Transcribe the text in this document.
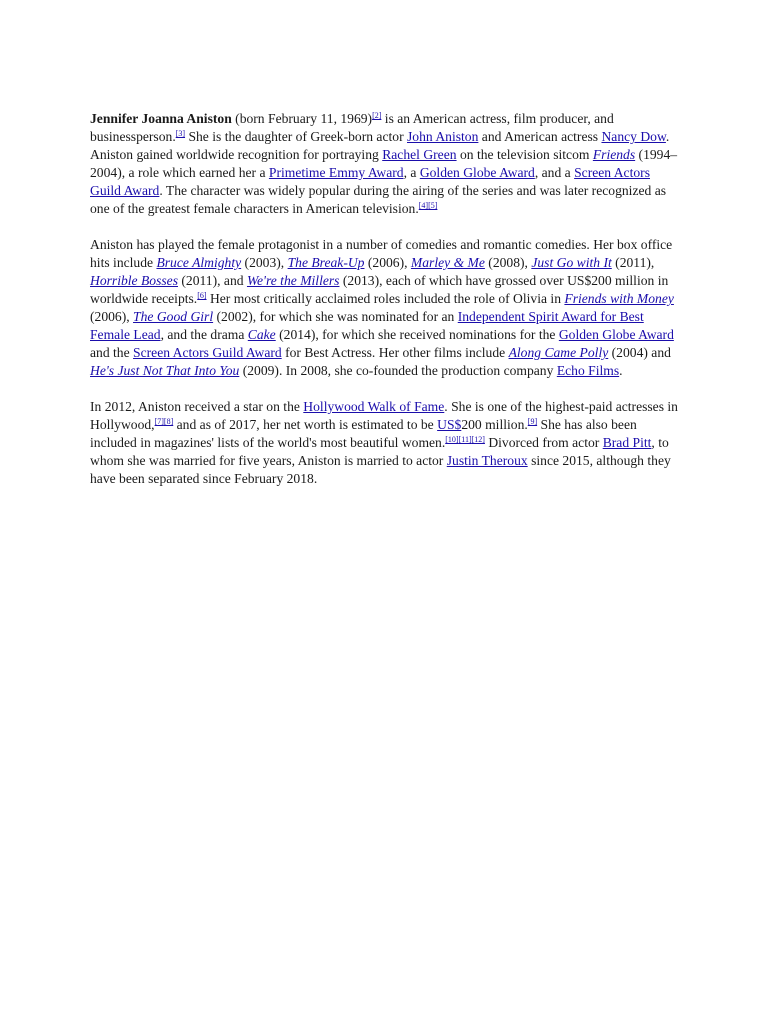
Jennifer Joanna Aniston (born February 11, 1969)[2] is an American actress, film producer, and businessperson.[3] She is the daughter of Greek-born actor John Aniston and American actress Nancy Dow. Aniston gained worldwide recognition for portraying Rachel Green on the television sitcom Friends (1994–2004), a role which earned her a Primetime Emmy Award, a Golden Globe Award, and a Screen Actors Guild Award. The character was widely popular during the airing of the series and was later recognized as one of the greatest female characters in American television.[4][5]

Aniston has played the female protagonist in a number of comedies and romantic comedies. Her box office hits include Bruce Almighty (2003), The Break-Up (2006), Marley & Me (2008), Just Go with It (2011), Horrible Bosses (2011), and We're the Millers (2013), each of which have grossed over US$200 million in worldwide receipts.[6] Her most critically acclaimed roles included the role of Olivia in Friends with Money (2006), The Good Girl (2002), for which she was nominated for an Independent Spirit Award for Best Female Lead, and the drama Cake (2014), for which she received nominations for the Golden Globe Award and the Screen Actors Guild Award for Best Actress. Her other films include Along Came Polly (2004) and He's Just Not That Into You (2009). In 2008, she co-founded the production company Echo Films.

In 2012, Aniston received a star on the Hollywood Walk of Fame. She is one of the highest-paid actresses in Hollywood,[7][8] and as of 2017, her net worth is estimated to be US$200 million.[9] She has also been included in magazines' lists of the world's most beautiful women.[10][11][12] Divorced from actor Brad Pitt, to whom she was married for five years, Aniston is married to actor Justin Theroux since 2015, although they have been separated since February 2018.
